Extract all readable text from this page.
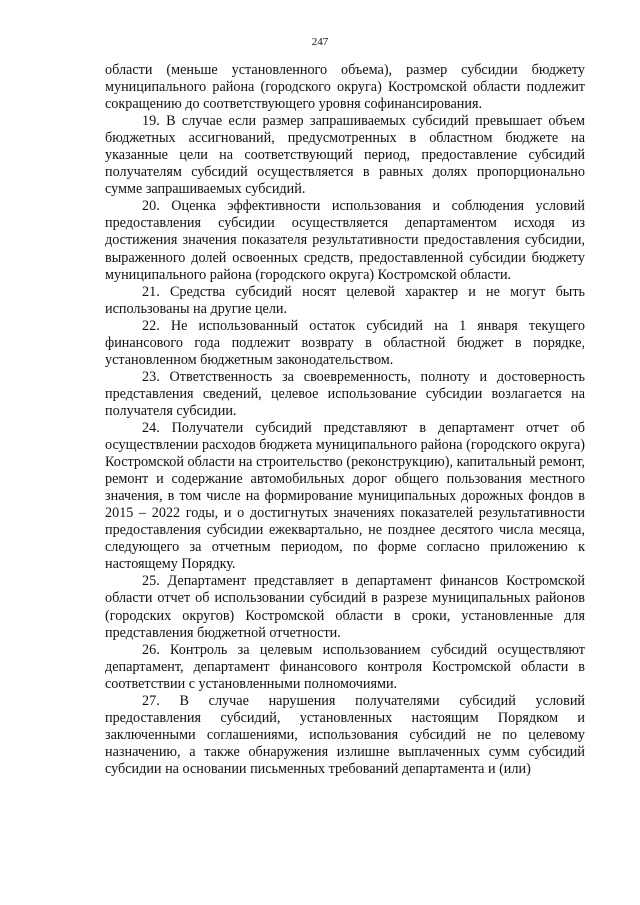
247

области (меньше установленного объема), размер субсидии бюджету муниципального района (городского округа) Костромской области подлежит сокращению до соответствующего уровня софинансирования.

19. В случае если размер запрашиваемых субсидий превышает объем бюджетных ассигнований, предусмотренных в областном бюджете на указанные цели на соответствующий период, предоставление субсидий получателям субсидий осуществляется в равных долях пропорционально сумме запрашиваемых субсидий.

20. Оценка эффективности использования и соблюдения условий предоставления субсидии осуществляется департаментом исходя из достижения значения показателя результативности предоставления субсидии, выраженного долей освоенных средств, предоставленной субсидии бюджету муниципального района (городского округа) Костромской области.

21. Средства субсидий носят целевой характер и не могут быть использованы на другие цели.

22. Не использованный остаток субсидий на 1 января текущего финансового года подлежит возврату в областной бюджет в порядке, установленном бюджетным законодательством.

23. Ответственность за своевременность, полноту и достоверность представления сведений, целевое использование субсидии возлагается на получателя субсидии.

24. Получатели субсидий представляют в департамент отчет об осуществлении расходов бюджета муниципального района (городского округа) Костромской области на строительство (реконструкцию), капитальный ремонт, ремонт и содержание автомобильных дорог общего пользования местного значения, в том числе на формирование муниципальных дорожных фондов в 2015 – 2022 годы, и о достигнутых значениях показателей результативности предоставления субсидии ежеквартально, не позднее десятого числа месяца, следующего за отчетным периодом, по форме согласно приложению к настоящему Порядку.

25. Департамент представляет в департамент финансов Костромской области отчет об использовании субсидий в разрезе муниципальных районов (городских округов) Костромской области в сроки, установленные для представления бюджетной отчетности.

26. Контроль за целевым использованием субсидий осуществляют департамент, департамент финансового контроля Костромской области в соответствии с установленными полномочиями.

27. В случае нарушения получателями субсидий условий предоставления субсидий, установленных настоящим Порядком и заключенными соглашениями, использования субсидий не по целевому назначению, а также обнаружения излишне выплаченных сумм субсидий субсидии на основании письменных требований департамента и (или)
